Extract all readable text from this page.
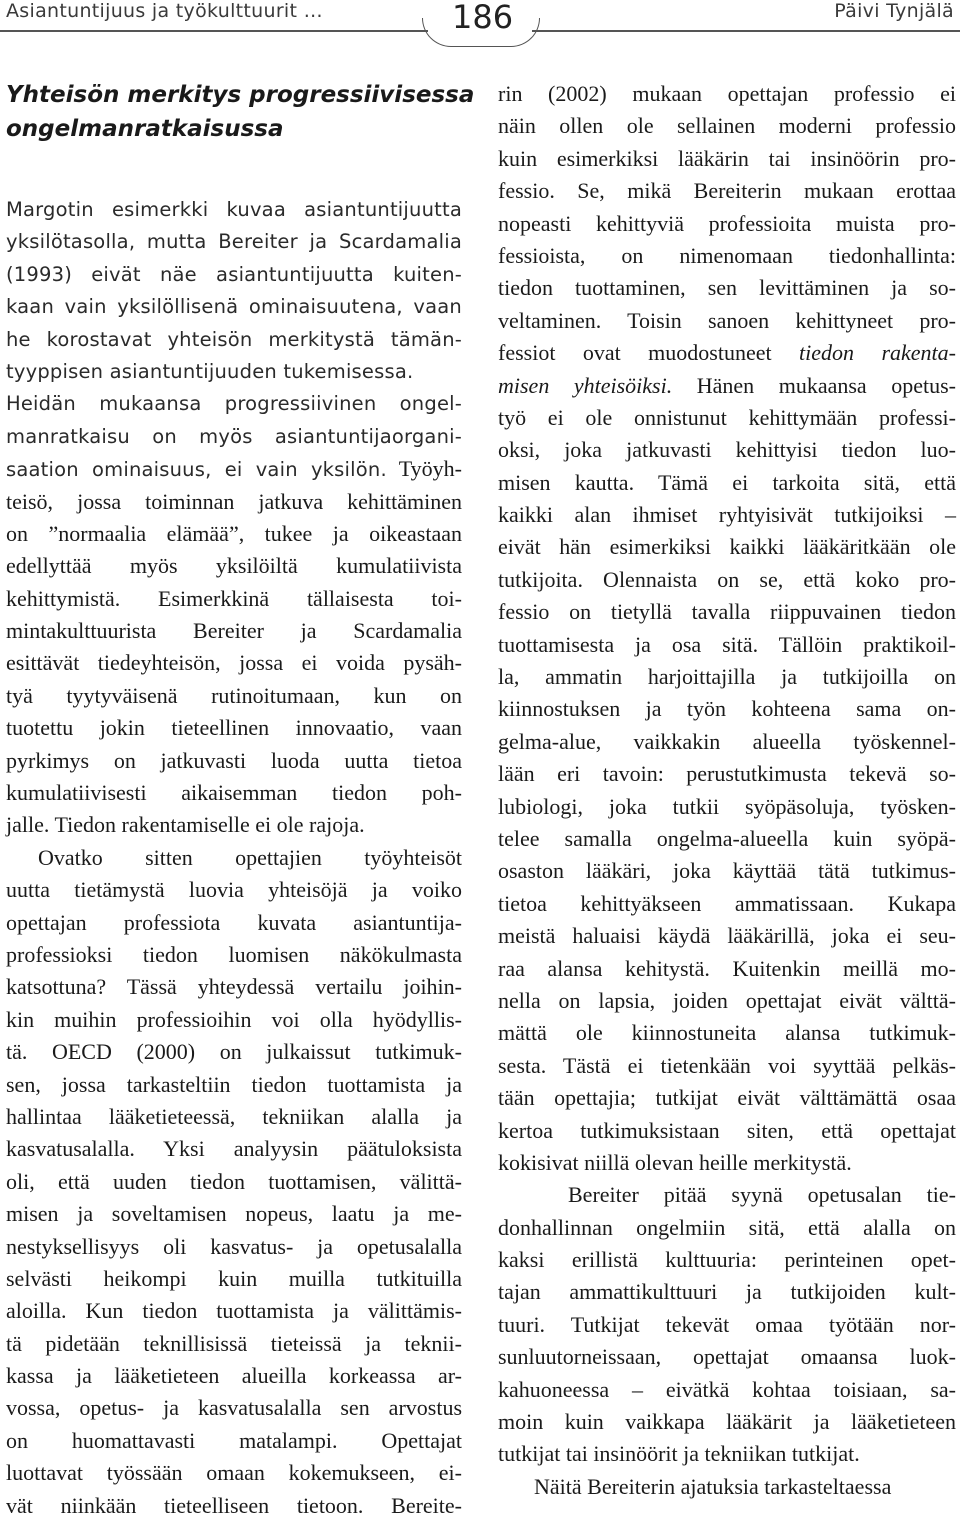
Asiantuntijuus ja työkulttuurit …	186	Päivi Tynjälä
Yhteisön merkitys progressiivisessa
ongelmanratkaisussa
Margotin esimerkki kuvaa asiantuntijuutta
yksilötasolla, mutta Bereiter ja Scardamalia
(1993) eivät näe asiantuntijuutta kuiten-
kaan vain yksilöllisenä ominaisuutena, vaan
he korostavat yhteisön merkitystä tämän-
tyyppisen asiantuntijuuden tukemisessa.
Heidän mukaansa progressiivinen ongel-
manratkaisu on myös asiantuntijaorgani-
saation ominaisuus, ei vain yksilön. Työyh-
teisö, jossa toiminnan jatkuva kehittäminen
on ”normaalia elämää”, tukee ja oikeastaan
edellyttää myös yksilöiltä kumulatiivista
kehittymistä. Esimerkkinä tällaisesta toi-
mintakulttuurista Bereiter ja Scardamalia
esittävät tiedeyhteisön, jossa ei voida pysäh-
tyä tyytyväisenä rutinoitumaan, kun on
tuotettu jokin tieteellinen innovaatio, vaan
pyrkimys on jatkuvasti luoda uutta tietoa
kumulatiivisesti aikaisemman tiedon poh-
jalle. Tiedon rakentamiselle ei ole rajoja.
Ovatko sitten opettajien työyhteisöt
uutta tietämystä luovia yhteisöjä ja voiko
opettajan professiota kuvata asiantuntija-
professioksi tiedon luomisen näkökulmasta
katsottuna? Tässä yhteydessä vertailu joihin-
kin muihin professioihin voi olla hyödyllis-
tä. OECD (2000) on julkaissut tutkimuk-
sen, jossa tarkasteltiin tiedon tuottamista ja
hallintaa lääketieteessä, tekniikan alalla ja
kasvatusalalla. Yksi analyysin päätuloksista
oli, että uuden tiedon tuottamisen, välittä-
misen ja soveltamisen nopeus, laatu ja me-
nestyksellisyys oli kasvatus- ja opetusalalla
selvästi heikompi kuin muilla tutkituilla
aloilla. Kun tiedon tuottamista ja välittämis-
tä pidetään teknillisissä tieteissä ja teknii-
kassa ja lääketieteen alueilla korkeassa ar-
vossa, opetus- ja kasvatusalalla sen arvostus
on huomattavasti matalampi. Opettajat
luottavat työssään omaan kokemukseen, ei-
vät niinkään tieteelliseen tietoon. Bereite-
rin (2002) mukaan opettajan professio ei
näin ollen ole sellainen moderni professio
kuin esimerkiksi lääkärin tai insinöörin pro-
fessio. Se, mikä Bereiterin mukaan erottaa
nopeasti kehittyviä professioita muista pro-
fessioista, on nimenomaan tiedonhallinta:
tiedon tuottaminen, sen levittäminen ja so-
veltaminen. Toisin sanoen kehittyneet pro-
fessiot ovat muodostuneet tiedon rakenta-
misen yhteisöiksi. Hänen mukaansa opetus-
työ ei ole onnistunut kehittymään professi-
oksi, joka jatkuvasti kehittyisi tiedon luo-
misen kautta. Tämä ei tarkoita sitä, että
kaikki alan ihmiset ryhtyisivät tutkijoiksi –
eivät hän esimerkiksi kaikki lääkäritkään ole
tutkijoita. Olennaista on se, että koko pro-
fessio on tietyllä tavalla riippuvainen tiedon
tuottamisesta ja osa sitä. Tällöin praktikoil-
la, ammatin harjoittajilla ja tutkijoilla on
kiinnostuksen ja työn kohteena sama on-
gelma-alue, vaikkakin alueella työskennel-
lään eri tavoin: perustutkimusta tekevä so-
lubiologi, joka tutkii syöpäsoluja, työsken-
telee samalla ongelma-alueella kuin syöpä-
osaston lääkäri, joka käyttää tätä tutkimus-
tietoa kehittyäkseen ammatissaan. Kukapa
meistä haluaisi käydä lääkärillä, joka ei seu-
raa alansa kehitystä. Kuitenkin meillä mo-
nella on lapsia, joiden opettajat eivät välttä-
mättä ole kiinnostuneita alansa tutkimuk-
sesta. Tästä ei tietenkään voi syyttää pelkäs-
tään opettajia; tutkijat eivät välttämättä osaa
kertoa tutkimuksistaan siten, että opettajat
kokisivat niillä olevan heille merkitystä.
Bereiter pitää syynä opetusalan tie-
donhallinnan ongelmiin sitä, että alalla on
kaksi erillistä kulttuuria: perinteinen opet-
tajan ammattikulttuuri ja tutkijoiden kult-
tuuri. Tutkijat tekevät omaa työtään nor-
sunluutorneissaan, opettajat omaansa luok-
kahuoneessa – eivätkä kohtaa toisiaan, sa-
moin kuin vaikkapa lääkärit ja lääketieteen
tutkijat tai insinöörit ja tekniikan tutkijat.
Näitä Bereiterin ajatuksia tarkasteltaessa
